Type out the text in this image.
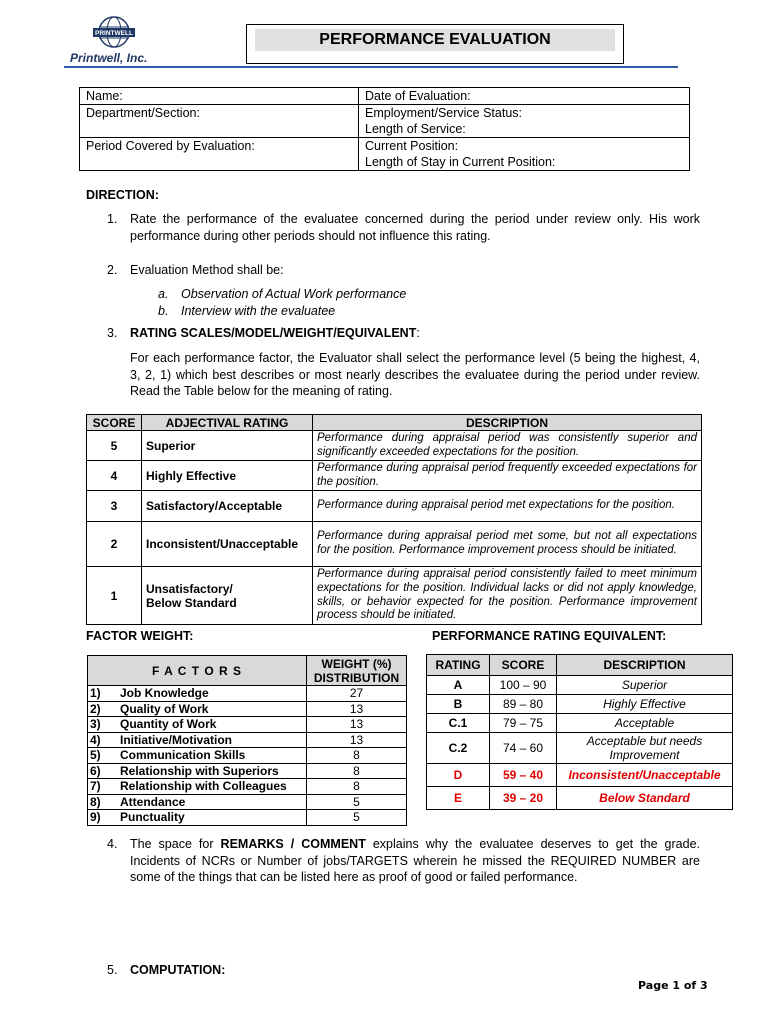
PRINTWELL
Printwell, Inc.
PERFORMANCE EVALUATION
Name:	Date of Evaluation:
Department/Section:	Employment/Service Status:
Length of Service:
Period Covered by Evaluation:	Current Position:
Length of Stay in Current Position:
DIRECTION:
1. Rate the performance of the evaluatee concerned during the period under review only. His work performance during other periods should not influence this rating.
2. Evaluation Method shall be:
a. Observation of Actual Work performance
b. Interview with the evaluatee
3. RATING SCALES/MODEL/WEIGHT/EQUIVALENT:
For each performance factor, the Evaluator shall select the performance level (5 being the highest, 4, 3, 2, 1) which best describes or most nearly describes the evaluatee during the period under review. Read the Table below for the meaning of rating.
SCORE	ADJECTIVAL RATING	DESCRIPTION
5	Superior	Performance during appraisal period was consistently superior and significantly exceeded expectations for the position.
4	Highly Effective	Performance during appraisal period frequently exceeded expectations for the position.
3	Satisfactory/Acceptable	Performance during appraisal period met expectations for the position.
2	Inconsistent/Unacceptable	Performance during appraisal period met some, but not all expectations for the position. Performance improvement process should be initiated.
1	Unsatisfactory/
Below Standard	Performance during appraisal period consistently failed to meet minimum expectations for the position. Individual lacks or did not apply knowledge, skills, or behavior expected for the position. Performance improvement process should be initiated.
FACTOR WEIGHT:	PERFORMANCE RATING EQUIVALENT:
F A C T O R S	WEIGHT (%)
DISTRIBUTION
1) Job Knowledge	27
2) Quality of Work	13
3) Quantity of Work	13
4) Initiative/Motivation	13
5) Communication Skills	8
6) Relationship with Superiors	8
7) Relationship with Colleagues	8
8) Attendance	5
9) Punctuality	5
RATING	SCORE	DESCRIPTION
A	100 – 90	Superior
B	89 – 80	Highly Effective
C.1	79 – 75	Acceptable
C.2	74 – 60	Acceptable but needs
Improvement
D	59 – 40	Inconsistent/Unacceptable
E	39 – 20	Below Standard
4. The space for REMARKS / COMMENT explains why the evaluatee deserves to get the grade. Incidents of NCRs or Number of jobs/TARGETS wherein he missed the REQUIRED NUMBER are some of the things that can be listed here as proof of good or failed performance.
5. COMPUTATION:
Page 1 of 3
